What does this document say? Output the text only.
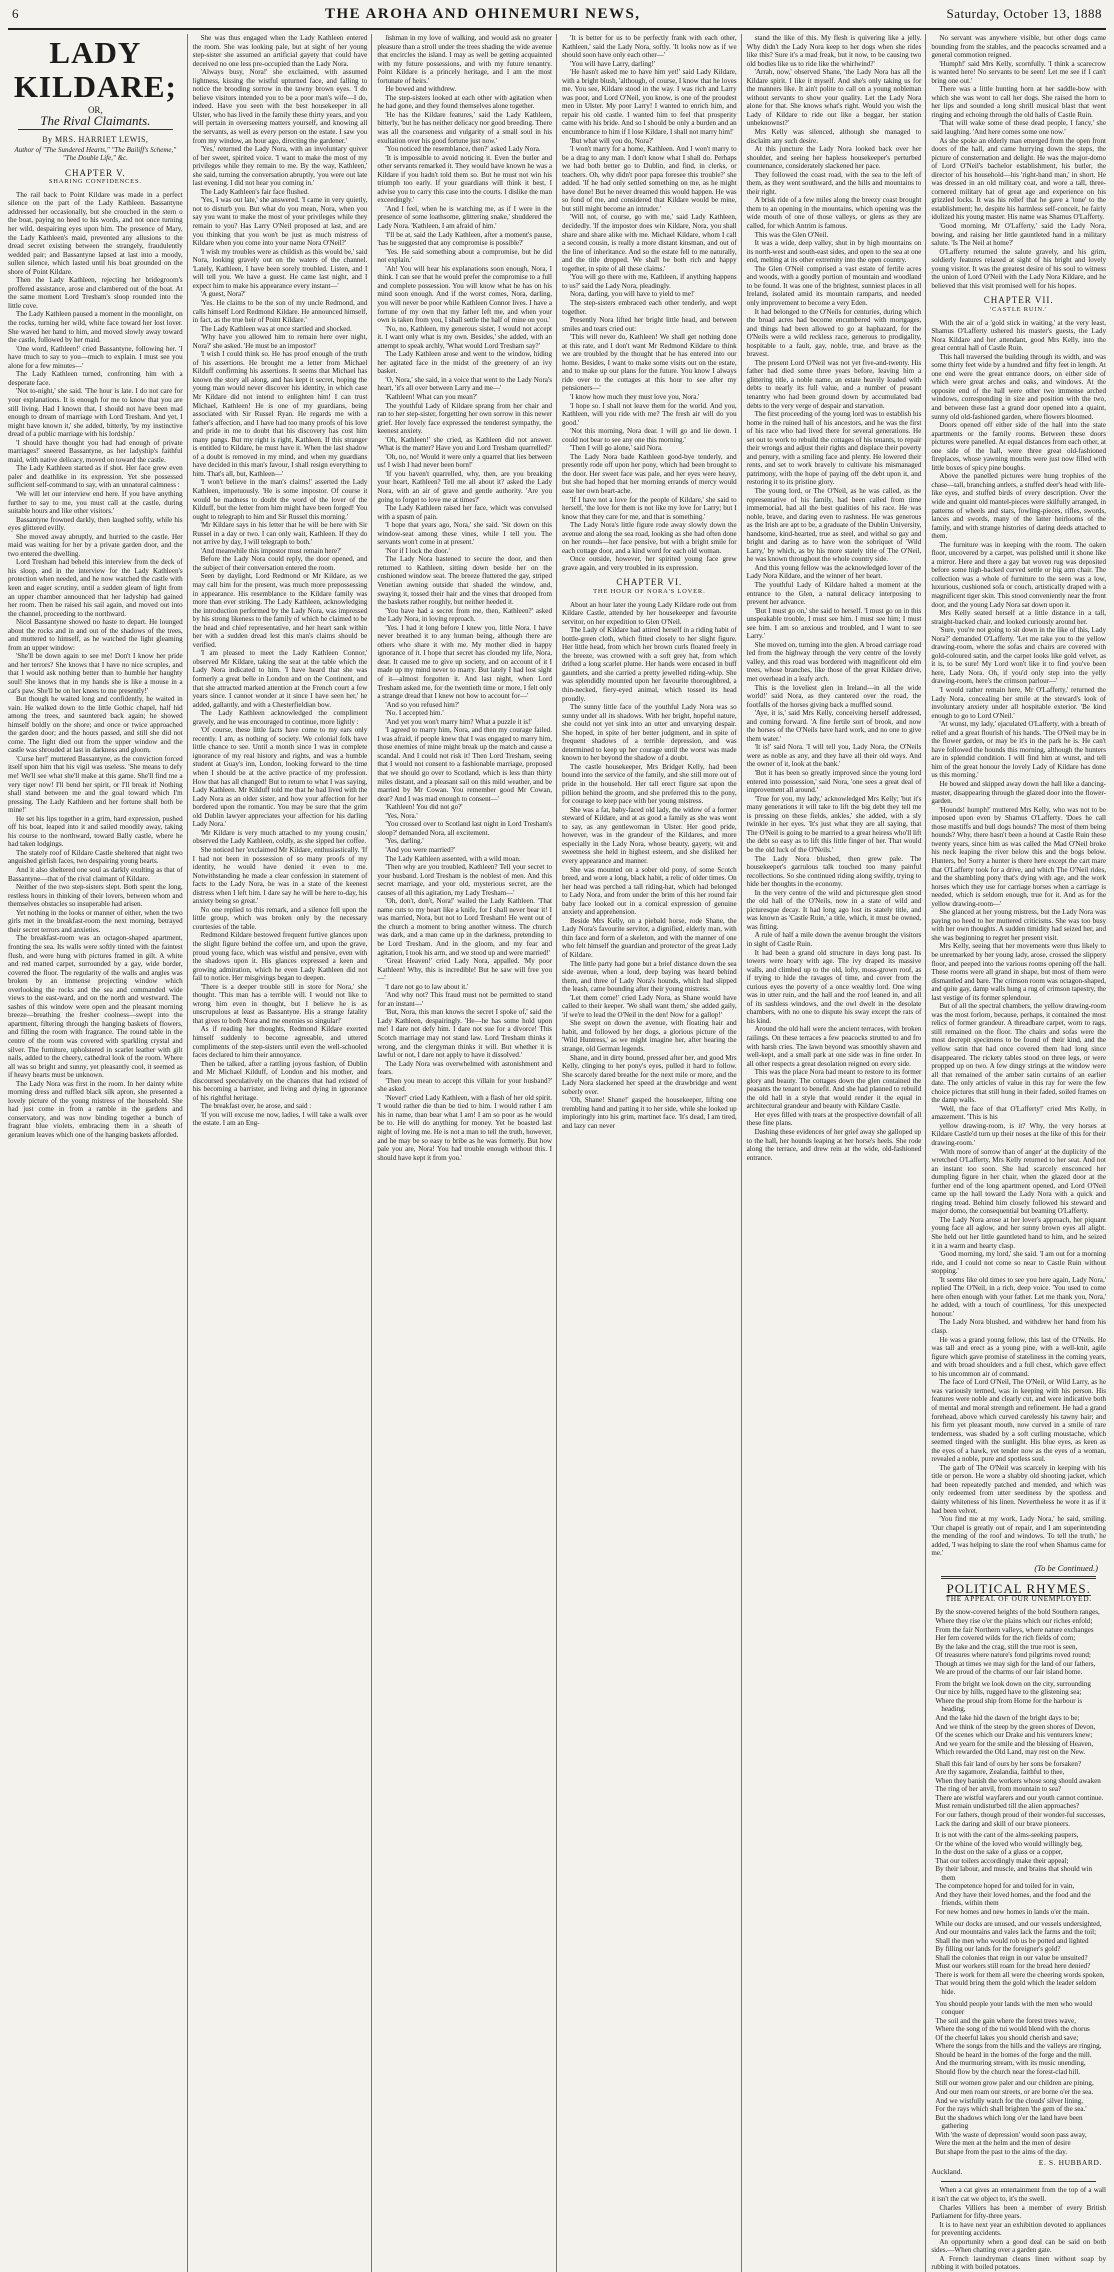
6	THE AROHA AND OHINEMURI NEWS,	Saturday, October 13, 1888
LADY KILDARE;
OR,
The Rival Claimants.
By MRS. HARRIET LEWIS,
Author of "The Sundered Hearts," "The Bailiff's Scheme," "The Double Life," &c.
CHAPTER V.
SHARING CONFIDENCES.

The rail back to Point Kildare was made in a perfect silence on the part of the Lady Kathleen. Bassantyne addressed her occasionally, but she crouched in the stern o the boat, paying no heed to his words, and not once turning her wild, despairing eyes upon him. The presence of Mary, the Lady Kathleen's maid, prevented any allusions to the dread secret existing between the strangely, fraudulently wedded pair; and Bassantyne lapsed at last into a moody, sullen silence, which lasted until his boat grounded on the shore of Point Kildare.

Then the Lady Kathleen, rejecting her bridegroom's proffered assistance, arose and clambered out of the boat. At the same moment Lord Tresham's sloop rounded into the little cove.

The Lady Kathleen paused a moment in the moonlight, on the rocks, turning her wild, white face toward her lost lover. She waved her hand to him, and moved slowly away toward the castle, followed by her maid.

'One word, Kathleen!' cried Bassantyne, following her. 'I have much to say to you—much to explain. I must see you alone for a few minutes—'

The Lady Kathleen turned, confronting him with a desperate face.

'Not to-night,' she said. 'The hour is late. I do not care for your explanations. It is enough for me to know that you are still living. Had I known that, I should not have been mad enough to dream of marriage with Lord Tresham. And yet, I might have known it,' she added, bitterly, 'by my instinctive dread of a public marriage with his lordship.'

'I should have thought you had had enough of private marriages!' sneered Bassantyne, as her ladyship's faithful maid, with native delicacy, moved on toward the castle.

The Lady Kathleen started as if shot. Her face grew even paler and deathlike in its expression. Yet she possessed sufficient self-command to say, with an unnatural calmness :

'We will let our interview end here. If you have anything further to say to me, you must call at the castle, during suitable hours and like other visitors.'

Bassantyne frowned darkly, then laughed softly, while his eyes glittered evilly.

She moved away abruptly, and hurried to the castle. Her maid was waiting for her by a private garden door, and the two entered the dwelling.

Lord Tresham had beheld this interview from the deck of his sloop, and in the interview for the Lady Kathleen's protection when needed, and he now watched the castle with keen and eager scrutiny, until a sudden gleam of light from an upper chamber announced that her ladyship had gained her room. Then he raised his sail again, and moved out into the channel, proceeding to the northward.

Nicol Bassantyne showed no haste to depart. He lounged about the rocks and in and out of the shadows of the trees, and muttered to himself, as he watched the light gleaming from an upper window:

'She'll be down again to see me! Don't I know her pride and her terrors? She knows that I have no nice scruples, and that I would ask nothing better than to humble her haughty soul! She knows that in my hands she is like a mouse in a cat's paw. She'll be on her knees to me presently!'

But though he waited long and confidently, he waited in vain. He walked down to the little Gothic chapel, half hid among the trees, and sauntered back again; he showed himself boldly on the shore; and once or twice approached the garden door; and the hours passed, and still she did not come. The light died out from the upper window and the castle was shrouded at last in darkness and gloom.

'Curse her!' muttered Bassantyne, as the conviction forced itself upon him that his vigil was useless. 'She means to defy me! We'll see what she'll make at this game. She'll find me a very tiger now! I'll bend her spirit, or I'll break it! Nothing shall stand between me and the goal toward which I'm pressing. The Lady Kathleen and her fortune shall both be mine!'

He set his lips together in a grim, hard expression, pushed off his boat, leaped into it and sailed moodily away, taking his course to the northward, toward Bally castle, where he had taken lodgings.

The stately roof of Kildare Castle sheltered that night two anguished girlish faces, two despairing young hearts.

And it also sheltered one soul as darkly exulting as that of Bassantyne—that of the rival claimant of Kildare.

Neither of the two step-sisters slept. Both spent the long, restless hours in thinking of their lovers, between whom and themselves obstacles so insuperable had arisen.

Yet nothing in the looks or manner of either, when the two girls met in the breakfast-room the next morning, betrayed their secret terrors and anxieties.

The breakfast-room was an octagon-shaped apartment, fronting the sea. Its walls were softly tinted with the faintest flush, and were hung with pictures framed in gilt. A white and red matted carpet, surrounded by a gay, wide border, covered the floor. The regularity of the walls and angles was broken by an immense projecting window which overlooking the rocks and the sea and commanded wide views to the east-ward, and on the north and westward. The sashes of this window were open and the pleasant morning breeze—breathing the fresher coolness—swept into the apartment, filtering through the hanging baskets of flowers, and filling the room with fragrance. The round table in the centre of the room was covered with sparkling crystal and silver. The furniture, upholstered in scarlet leather with gilt nails, added to the cheery, cathedral look of the room. Where all was so bright and sunny, yet pleasantly cool, it seemed as if heavy hearts must be unknown.

The Lady Nora was first in the room. In her dainty white morning dress and ruffled black silk apron, she presented a lovely picture of the young mistress of the household. She had just come in from a ramble in the gardens and conservatory, and was now binding together a bunch of fragrant blue violets, embracing them in a sheath of geranium leaves which one of the hanging baskets afforded.

She was thus engaged when the Lady Kathleen entered the room. She was looking pale, but at sight of her young step-sister she assumed an artificial gayety that could have deceived no one less pre-occupied than the Lady Nora.

'Always busy, Nora!' she exclaimed, with assumed lightness, kissing the wistful upturned face, and falling to notice the brooding sorrow in the tawny brown eyes. 'I do believe visitors intended you to be a poor man's wife—I do, indeed. Have you seen with the best housekeeper in all Ulster, who has lived in the family these thirty years, and you will pertain in overseeing matters yourself, and knowing all the servants, as well as every person on the estate. I saw you from my window, an hour ago, directing the gardener.'

'Yes,' returned the Lady Nora, with an involuntary quiver of her sweet, spirited voice. 'I want to make the most of my privileges while they remain to me. By the way, Kathleen,' she said, turning the conversation abruptly, 'you were out late last evening. I did not hear you coming in.'

The Lady Kathleen's fair face flushed.

'Yes, I was out late,' she answered. 'I came in very quietly, not to disturb you. But what do you mean, Nora, when you say you want to make the most of your privileges while they remain to you? Has Larry O'Neil proposed at last, and are you thinking that you won't be just as much mistress of Kildare when you come into your name Nora O'Neil?'

'I wish my troubles were as childish as this would be,' said Nora, looking gravely out on the waters of the channel. 'Lately, Kathleen, I have been sorely troubled. Listen, and I will tell you. We have a guest. He came last night, and I expect him to make his appearance every instant—'

'A guest, Nora?'

'Yes. He claims to be the son of my uncle Redmond, and calls himself Lord Redmond Kildare. He announced himself, in fact, as the true heir of Point Kildare.'

The Lady Kathleen was at once startled and shocked.

'Why have you allowed him to remain here over night, Nora?' she asked. 'He must be an impostor!'

'I wish I could think so. He has proof enough of the truth of his assertions. He brought me a letter from Michael Kilduff confirming his assertions. It seems that Michael has known the story all along, and has kept it secret, hoping the young man would never discover his identity, in which case Mr Kildare did not intend to enlighten him! I can trust Michael, Kathleen! He is one of my guardians, being associated with Sir Russel Ryan. He regards me with a father's affection, and I have had too many proofs of his love and pride in me to doubt that his discovery has cost him many pangs. But my right is right, Kathleen. If this stranger is entitled to Kildare, he must have it. When the last shadow of a doubt is removed in my mind, and when my guardians have decided in this man's favour, I shall resign everything to him. That's all, but, Kathleen—'

'I won't believe in the man's claims!' asserted the Lady Kathleen, impetuously. 'He is some impostor. Of course it would be madness to doubt the word of the lover of the Kilduff, but the letter from him might have been forged! You ought to telegraph to him and Sir Russel this morning.'

'Mr Kildare says in his letter that he will be here with Sir Russel in a day or two. I can only wait, Kathleen. If they do not arrive by day, I will telegraph to both.'

'And meanwhile this impostor must remain here?'

Before the Lady Nora could reply, the door opened, and the subject of their conversation entered the room.

Seen by daylight, Lord Redmond or Mr Kildare, as we may call him for the present, was much more prepossessing in appearance. His resemblance to the Kildare family was more than ever striking. The Lady Kathleen, acknowledging the introduction performed by the Lady Nora, was impressed by his strong likeness to the family of which he claimed to be the head and chief representative, and her heart sank within her with a sudden dread lest this man's claims should be verified.

'I am pleased to meet the Lady Kathleen Connor,' observed Mr Kildare, taking the seat at the table which the Lady Nora indicated to him. 'I have heard that she was formerly a great belle in London and on the Continent, and that she attracted marked attention at the French court a few years since. I cannot wonder at it since I have seen her,' he added, gallantly, and with a Chesterfieldian bow.

The Lady Kathleen acknowledged the compliment gravely, and he was encouraged to continue, more lightly :

'Of course, these little facts have come to my ears only recently. I am, as nothing of society. We colonial folk have little chance to see. Until a month since I was in complete ignorance of my real history and rights, and was a humble student at Guay's inn, London, looking forward to the time when I should be at the active practice of my profession. How that has all changed! But to return to what I was saying, Lady Kathleen. Mr Kilduff told me that he had lived with the Lady Nora as an older sister, and how your affection for her bordered upon the romantic. You may be sure that the grim old Dublin lawyer appreciates your affection for his darling Lady Nora.'

'Mr Kildare is very much attached to my young cousin,' observed the Lady Kathleen, coldly, as she sipped her coffee.

She noticed her 'exclaimed Mr Kildare, enthusiastically. 'If I had not been in possession of so many proofs of my identity, he would have denied it even to me. Notwithstanding he made a clear confession in statement of facts to the Lady Nora, he was in a state of the keenest distress when I left him. I dare say he will be here to-day, his anxiety being so great.'

No one replied to this remark, and a silence fell upon the little group, which was broken only by the necessary courtesies of the table.

Redmond Kildare bestowed frequent furtive glances upon the slight figure behind the coffee urn, and upon the grave, proud young face, which was wistful and pensive, even with the shadows upon it. His glances expressed a keen and growing admiration, which he even Lady Kathleen did not fail to notice. Her misgivings began to deepen.

'There is a deeper trouble still in store for Nora,' she thought. 'This man has a terrible will. I would not like to wrong him even in thought, but I believe he is as unscrupulous at least as Bassantyne. His a strange fatality that gives to both Nora and me enemies so singular!'

As if reading her thoughts, Redmond Kildare exerted himself suddenly to become agreeable, and uttered compliments of the step-sisters until even the well-schooled faces declared to him their annoyance.

Then he talked, after a rattling joyous fashion, of Dublin and Mr Michael Kilduff, of London and his mother, and discoursed speculatively on the chances that had existed of his becoming a barrister, and living and dying in ignorance of his rightful heritage.

The breakfast over, he arose, and said :

'If you will excuse me now, ladies, I will take a walk over the estate. I am an Eng-

lishman in my love of walking, and would ask no greater pleasure than a stroll under the trees shading the wide avenue that encircles the island. I may as well be getting acquainted with my future possessions, and with my future tenantry. Point Kildare is a princely heritage, and I am the most fortunate of heirs.'

He bowed and withdrew.

The step-sisters looked at each other with agitation when he had gone, and they found themselves alone together.

'He has the Kildare features,' said the Lady Kathleen, bitterly, 'but he has neither delicacy nor good breeding. There was all the coarseness and vulgarity of a small soul in his exultation over his good fortune just now.'

'You noticed the resemblance, then?' asked Lady Nora.

'It is impossible to avoid noticing it. Even the butler and other servants remarked it. They would have known he was a Kildare if you hadn't told them so. But he must not win his triumph too early. If your guardians will think it best, I advise you to carry this case into the courts. I dislike the man exceedingly.'

'And I feel, when he is watching me, as if I were in the presence of some loathsome, glittering snake,' shuddered the Lady Nora. 'Kathleen, I am afraid of him.'

'I'll be at, said the Lady Kathleen, after a moment's pause, 'has he suggested that any compromise is possible?'

'Yes. He said something about a compromise, but he did not explain.'

'Ah! You will hear his explanations soon enough, Nora, I think. I can see that he would prefer the compromise to a full and complete possession. You will know what he has on his mind soon enough. And if the worst comes, Nora, darling, you will never be poor while Kathleen Connor lives. I have a fortune of my own that my father left me, and when your own is taken from you, I shall settle the half of mine on you.'

'No, no, Kathleen, my generous sister, I would not accept it. I want only what is my own. Besides,' she added, with an attempt to speak archly, 'What would Lord Tresham say?'

The Lady Kathleen arose and went to the window, hiding her agitated face in the midst of the greenery of an ivy basket.

'O, Nora,' she said, in a voice that went to the Lady Nora's heart, 'it's all over between Larry and me—'

'Kathleen! What can you mean?'

The youthful Lady of Kildare sprang from her chair and ran to her step-sister, forgetting her own sorrow in this newer grief. Her lovely face expressed the tenderest sympathy, the keenest anxiety.

'Oh, Kathleen!' she cried, as Kathleen did not answer. 'What is the matter? Have you and Lord Tresham quarrelled?'

'Oh, no, no! Would it were only a quarrel that lies between us! I wish I had never been born!'

'If you haven't quarrelled, why, then, are you breaking your heart, Kathleen? Tell me all about it? asked the Lady Nora, with an air of grave and gentle authority. 'Are you going to forget to love me at times?'

The Lady Kathleen raised her face, which was convulsed with a spasm of pain.

'I hope that years ago, Nora,' she said. 'Sit down on this window-seat among these vines, while I tell you. The servants won't come in at present.'

'Nor if I lock the door.'

The Lady Nora hastened to secure the door, and then returned to Kathleen, sitting down beside her on the cushioned window seat. The breeze fluttered the gay, striped Venetian awning outside that shaded the window, and, swaying it, tossed their hair and the vines that drooped from the baskets rather roughly, but neither heeded it.

'You have had a secret from me, then, Kathleen?' asked the Lady Nora, in loving reproach.

'Yes. I had it long before I knew you, little Nora. I have never breathed it to any human being, although there are others who share it with me. My mother died in happy ignorance of it. I hope that secret has clouded my life, Nora, dear. It caused me to give up society, and on account of it I made up my mind never to marry. But lately I had lost sight of it—almost forgotten it. And last night, when Lord Tresham asked me, for the twentieth time or more, I felt only a strange dread that I knew not how to account for—'

'And so you refused him?'

'No. I accepted him.'

'And yet you won't marry him? What a puzzle it is!'

'I agreed to marry him, Nora, and then my courage failed. I was afraid, if people knew that I was engaged to marry him, those enemies of mine might break up the match and cause a scandal. And I could not risk it! Then Lord Tresham, seeing that I would not consent to a fashionable marriage, proposed that we should go over to Scotland, which is less than thirty miles distant, and a pleasant sail on this mild weather, and be married by Mr Cowan. You remember good Mr Cowan, dear? And I was mad enough to consent—'

'Kathleen! You did not go?'

'Yes, Nora.'

'You crossed over to Scotland last night in Lord Tresham's sloop?' demanded Nora, all excitement.

'Yes, darling.'

'And you were married?'

The Lady Kathleen assented, with a wild moan.

'Then why are you troubled, Kathleen? Tell your secret to your husband. Lord Tresham is the noblest of men. And this secret marriage, and your old, mysterious secret, are the causes of all this agitation, my Lady Tresham—'

'Oh, don't, don't, Nora!' wailed the Lady Kathleen. 'That name cuts to my heart like a knife, for I shall never bear it! I was married, Nora, but not to Lord Tresham! He went out of the church a moment to bring another witness. The church was dark, and a man came up in the darkness, pretending to be Lord Tresham. And in the gloom, and my fear and agitation, I took his arm, and we stood up and were married!'

'Great Heaven!' cried Lady Nora, appalled. 'My poor Kathleen! Why, this is incredible! But he saw will free you—'

'I dare not go to law about it.'

'And why not? This fraud must not be permitted to stand for an instant—'

'But, Nora, this man knows the secret I spoke of,' said the Lady Kathleen, despairingly. 'He—he has some hold upon me! I dare not defy him. I dare not sue for a divorce! This Scotch marriage may not stand law. Lord Tresham thinks it wrong, and the clergyman thinks it will. But whether it is lawful or not, I dare not apply to have it dissolved.'

The Lady Nora was overwhelmed with astonishment and fears.

'Then you mean to accept this villain for your husband?' she asked.

'Never!' cried Lady Kathleen, with a flash of her old spirit. 'I would rather die than be tied to him. I would rather I am his in name, than bear what I am! I am so poor as he would be to. He will do anything for money. Yet he boasted last night of loving me. He is not a man to tell the truth, however, and he may be so easy to bribe as he was formerly. But how pale you are, Nora! You had trouble enough without this. I should have kept it from you.'

'It is better for us to be perfectly frank with each other, Kathleen,' said the Lady Nora, softly. 'It looks now as if we should soon have only each other—'

'You will have Larry, darling!'

'He hasn't asked me to have him yet!' said Lady Kildare, with a bright blush, 'although, of course, I know that he loves me. You see, Kildare stood in the way. I was rich and Larry was poor, and Lord O'Neil, you know, is one of the proudest men in Ulster. My poor Larry! I wanted to enrich him, and repair his old castle. I wanted him to feel that prosperity came with his bride. And so I should be only a burden and an encumbrance to him if I lose Kildare, I shall not marry him!'

'But what will you do, Nora?'

'I won't marry for a home, Kathleen. And I won't marry to be a drag to any man. I don't know what I shall do. Perhaps we had both better go to Dublin, and find, in clerks, or teachers. Oh, why didn't poor papa foresee this trouble?' she added. 'If he had only settled something on me, as he might have done! But he never dreamed this would happen. He was so fond of me, and considered that Kildare would be mine, but still might become an intruder.'

'Will not, of course, go with me,' said Lady Kathleen, decidedly. 'If the impostor does win Kildare, Nora, you shall share and share alike with me. Michael Kildare, whom I call a second cousin, is really a more distant kinsman, and out of the line of inheritance. And so the estate fell to me naturally, and the title dropped. We shall be both rich and happy together, in spite of all these claims.'

'You will go there with me, Kathleen, if anything happens to us?' said the Lady Nora, pleadingly.

Nora, darling, you will have to yield to me!'

The step-sisters embraced each other tenderly, and wept together.

Presently Nora lifted her bright little head, and between smiles and tears cried out:

'This will never do, Kathleen! We shall get nothing done at this rate, and I don't want Mr Redmond Kildare to think we are troubled by the thought that he has entered into our home. Besides, I want to make some visits out on the estate, and to make up our plans for the future. You know I always ride over to the cottages at this hour to see after my pensioners—'

'I know how much they must love you, Nora.'

'I hope so. I shall not leave them for the world. And you, Kathleen, will you ride with me? The fresh air will do you good.'

'Not this morning, Nora dear. I will go and lie down. I could not bear to see any one this morning.'

'Then I will go alone,' said Nora.

The Lady Nora bade Kathleen good-bye tenderly, and presently rode off upon her pony, which had been brought to the door. Her sweet face was pale, and her eyes were heavy, but she had hoped that her morning errands of mercy would ease her own heart-ache.

'If I have not a love for the people of Kildare,' she said to herself, 'the love for them is not like my love for Larry; but I know that they care for me, and that is something.'

The Lady Nora's little figure rode away slowly down the avenue and along the sea road, looking as she had often done on her rounds—her face pensive, but with a bright smile for each cottage door, and a kind word for each old woman.

Once outside, however, her spirited young face grew grave again, and very troubled in its expression.

CHAPTER VI.
THE HOUR OF NORA'S LOVER.

About an hour later the young Lady Kildare rode out from Kildare Castle, attended by her housekeeper and favourite servitor, on her expedition to Glen O'Neil.

The Lady of Kildare had attired herself in a riding habit of bottle-green cloth, which fitted closely to her slight figure. Her little head, from which her brown curls floated freely in the breeze, was crowned with a soft grey hat, from which drifted a long scarlet plume. Her hands were encased in buff gauntlets, and she carried a pretty jewelled riding-whip. She was splendidly mounted upon her favourite thoroughbred, a thin-necked, fiery-eyed animal, which tossed its head proudly.

The sunny little face of the youthful Lady Nora was so sunny under all its shadows. With her bright, hopeful nature, she could not yet sink into an utter and unvarying despair. She hoped, in spite of her better judgment, and in spite of frequent shadows of a terrible depression, and was determined to keep up her courage until the worst was made known to her beyond the shadow of a doubt.

The castle housekeeper, Mrs Bridget Kelly, had been bound into the service of the family, and she still more out of pride in the household. Her tall erect figure sat upon the pillion behind the groom, and she preferred this to the pony, for courage to keep pace with her young mistress.

She was a fat, baby-faced old lady, the widow of a former steward of Kildare, and at as good a family as she was wont to say, as any gentlewoman in Ulster. Her good pride, however, was in the grandeur of the Kildares, and more especially in the Lady Nora, whose beauty, gayety, wit and sweetness she held in highest esteem, and she disliked her every appearance and manner.

She was mounted on a sober old pony, of some Scotch breed, and wore a long, black habit, a relic of older times. On her head was perched a tall riding-hat, which had belonged to Lady Nora, and from under the brim of this her round fair baby face looked out in a comical expression of genuine anxiety and apprehension.

Beside Mrs Kelly, on a piebald horse, rode Shane, the Lady Nora's favourite servitor, a dignified, elderly man, with thin face and form of a skeleton, and with the manner of one who felt himself the guardian and protector of the great Lady of Kildare.

The little party had gone but a brief distance down the sea side avenue, when a loud, deep baying was heard behind them, and three of Lady Nora's hounds, which had slipped the leash, came bounding after their young mistress.

'Let them come!' cried Lady Nora, as Shane would have called to their keeper. 'We shall want them,' she added gaily, 'if we're to lead the O'Neil in the den! Now for a gallop!'

She swept on down the avenue, with floating hair and habit, and followed by her dogs, a glorious picture of the 'Wild Huntress,' as we might imagine her, after hearing the strange, old German legends.

Shane, and in dirty bound, pressed after her, and good Mrs Kelly, clinging to her pony's eyes, pulled it hard to follow. She scarcely dared breathe for the next mile or more, and the Lady Nora slackened her speed at the drawbridge and went soberly over.

'Oh, Shane! Shane!' gasped the housekeeper, lifting one trembling hand and patting it to her side, while she looked up imploringly into his grim, martinet face. 'It's dead, I am tired, and lazy can never

stand the like of this. My flesh is quivering like a jelly. Why didn't the Lady Nora keep to her dogs when she rides like this? Sure it's a mad freak, but it now, to be causing two old bodies like us to ride like the whirlwind?'

'Arrah, now,' observed Shane, 'the Lady Nora has all the Kildare spirit. I like it myself. And she's only taking us for the manners like. It ain't polite to call on a young nobleman without servants to show your quality. Let the Lady Nora alone for that. She knows what's right. Would you wish the Lady of Kildare to ride out like a beggar, her station unbeknownst?'

Mrs Kelly was silenced, although she managed to disclaim any such desire.

At this juncture the Lady Nora looked back over her shoulder, and seeing her hapless housekeeper's perturbed countenance, considerately slackened her pace.

They followed the coast road, with the sea to the left of them, as they went southward, and the hills and mountains to their right.

A brisk ride of a few miles along the breezy coast brought them to an opening in the mountains, which opening was the wide mouth of one of those valleys, or glens as they are called, for which Antrim is famous.

This was the Glen O'Neil.

It was a wide, deep valley, shut in by high mountains on its north-west and south-east sides, and open to the sea at one end, melting at its other extremity into the open country.

The Glen O'Neil comprised a vast estate of fertile acres and woods, with a goodly portion of mountain and woodland to be found. It was one of the brightest, sunniest places in all Ireland, isolated amid its mountain ramparts, and needed only improvement to become a very Eden.

It had belonged to the O'Neils for centuries, during which the broad acres had become encumbered with mortgages, and things had been allowed to go at haphazard, for the O'Neils were a wild reckless race, generous to prodigality, hospitable to a fault, gay, noble, true, and brave as the bravest.

The present Lord O'Neil was not yet five-and-twenty. His father had died some three years before, leaving him a glittering title, a noble name, an estate heavily loaded with debts to nearly its full value, and a number of peasant tenantry who had been ground down by accumulated bad debts to the very verge of despair and starvation.

The first proceeding of the young lord was to establish his home in the ruined hall of his ancestors, and he was the first of his race who had lived there for several generations. He set out to work to rebuild the cottages of his tenants, to repair their wrongs and adjust their rights and displace their poverty and penury, with a smiling face and plenty. He lowered their rents, and set to work bravely to cultivate his mismanaged patrimony, with the hope of paying off the debt upon it, and restoring it to its pristine glory.

The young lord, or The O'Neil, as he was called, as the representative of his family, had been called from time immemorial, had all the best qualities of his race. He was noble, brave, and daring even to rashness. He was generous as the Irish are apt to be, a graduate of the Dublin University, handsome, kind-hearted, true as steel, and withal so gay and bright and daring as to have won the sobriquet of 'Wild Larry,' by which, as by his more stately title of The O'Neil, he was known throughout the whole country side.

And this young fellow was the acknowledged lover of the Lady Nora Kildare, and the winner of her heart.

The youthful Lady of Kildare halted a moment at the entrance to the Glen, a natural delicacy interposing to prevent her advance.

'But I must go on,' she said to herself. 'I must go on in this unspeakable trouble, I must see him. I must see him; I must see him. I am so anxious and troubled, and I want to see Larry.'

She moved on, turning into the glen. A broad carriage road led from the highway through the very centre of the lovely valley, and this road was bordered with magnificent old elm trees, whose branches, like those of the great Kildare drive, met overhead in a leafy arch.

This is the loveliest glen in Ireland—in all the wide world!' said Nora, as they cantered over the road, the footfalls of the horses giving back a muffled sound.

'Aye, it is,' said Mrs Kelly, conceiving herself addressed, and coming forward. 'A fine fertile sort of brook, and now the horses of the O'Neils have hard work, and no one to give them water.'

'It is!' said Nora. 'I will tell you, Lady Nora, the O'Neils were as noble as any, and they have all their old ways. And the owner of it, look at the bank.'

'But it has been so greatly improved since the young lord entered into possession,' said Nora, 'one sees a great deal of improvement all around.'

'True for you, my lady,' acknowledged Mrs Kelly; 'but it's many generations it will take to lift the big debt they tell me is pressing on these fields, ankles,' she added, with a sly twinkle in her eyes. 'It's just what they are all saying, that The O'Neil is going to be married to a great heiress who'll lift the debt so easy as to lift this little finger of her. That would be the old luck of the O'Neils.'

The Lady Nora blushed, then grew pale. The housekeeper's garrulous talk touched too many painful recollections. So she continued riding along swiftly, trying to hide her thoughts in the economy.

In the very centre of the wild and picturesque glen stood the old hall of the O'Neils, now in a state of wild and picturesque decay. It had long ago lost its stately title, and was known as 'Castle Ruin,' a title, which, it must be owned, was fitting.

A rule of half a mile down the avenue brought the visitors in sight of Castle Ruin.

It had been a grand old structure in days long past. Its towers were hoary with age. The ivy draped its massive walls, and climbed up to the old, lofty, moss-grown roof, as if trying to hide the ravages of time, and cover from the curious eyes the poverty of a once wealthy lord. One wing was in utter ruin, and the hall and the roof leaned in, and all of its sashless windows, and the owl dwelt in the desolate chambers, with no one to dispute his sway except the rats of his kind.

Around the old hall were the ancient terraces, with broken railings. On these terraces a few peacocks strutted to and fro with harsh cries. The lawn beyond was smoothly shaven and well-kept, and a small park at one side was in fine order. In all other respects a great desolation reigned on every side.

This was the place Nora had meant to restore to its former glory and beauty. The cottages down the glen contained the peasants the tenant to benefit. And she had planned to rebuild the old hall in a style that would render it the equal in architectural grandeur and beauty with Kildare Castle.

Her eyes filled with tears at the prospective downfall of all these fine plans.

Dashing these evidences of her grief away she galloped up to the hall, her hounds leaping at her horse's heels. She rode along the terrace, and drew rein at the wide, old-fashioned entrance.

No servant was anywhere visible, but other dogs came bounding from the stables, and the peacocks screamed and a general commotion reigned.

'Humph!' said Mrs Kelly, scornfully. 'I think a scarecrow is wanted here! No servants to be seen! Let me see if I can't bring one out.'

There was a little hunting horn at her saddle-bow with which she was wont to call her dogs. She raised the horn to her lips and sounded a long shrill musical blast that went ringing and echoing through the old halls of Castle Ruin.

'That will wake some of these dead people, I fancy,' she said laughing. 'And here comes some one now.'

As she spoke an elderly man emerged from the open front doors of the hall, and came hurrying down the steps, the picture of consternation and delight. He was the major-domo of Lord O'Neil's bachelor establishment, his butler, the director of his household—his 'right-hand man,' in short. He was dressed in an old military coat, and wore a tall, three-cornered military hat of great age and experience on his grizzled locks. It was his relief that he gave a 'tone' to the establishment; he, despite his harmless self-conceit, he fairly idolized his young master. His name was Shamus O'Lafferty.

'Good morning, Mr O'Lafferty,' said the Lady Nora, bowing, and raising her little gauntleted hand in a military salute. 'Is The Neil at home?'

O'Lafferty returned the salute gravely, and his grim, soldierly features relaxed at sight of his bright and lovely young visitor. It was the greatest desire of his soul to witness the union of Lord O'Neil with the Lady Nora Kildare, and he believed that this visit promised well for his hopes.

CHAPTER VII.
'CASTLE RUIN.'

With the air of a 'gold stick in waiting,' at the very least, Shamus O'Lafferty ushered his master's guests, the Lady Nora Kildare and her attendant, good Mrs Kelly, into the great central hall of Castle Ruin.

This hall traversed the building through its width, and was some thirty feet wide by a hundred and fifty feet in length. At one end were the great entrance doors, on either side of which were great arches and oaks, and windows. At the opposite end of the hall were other two immense arched windows, corresponding in size and position with the two, and between these last a grand door opened into a quaint, sunny old old-fashioned garden, where flowers bloomed.

Doors opened off either side of the hall into the state apartments or the family rooms. Between these doors pictures were panelled. At equal distances from each other, at one side of the hall, were three great old-fashioned fireplaces, whose yawning mouths were just now filled with little boxes of spicy pine boughs.

Above the panelled pictures were hung trophies of the chase—tall, branching antlers, a stuffed deer's head with life-like eyes, and stuffed birds of every description. Over the wide and quaint old mantel-pieces were skilfully arranged, in patterns of wheels and stars, fowling-pieces, rifles, swords, lances and swords, many of the latter heirlooms of the family, and with strange histories of daring deeds attached to them.

The furniture was in keeping with the room. The oaken floor, uncovered by a carpet, was polished until it shone like a mirror. Here and there a gay bat woven rug was deposited before some high-backed curved settle or big arm chair. The collection was a whole of furniture to the seen was a low, luxurious, cushioned sofa or couch, artistically draped with a magnificent tiger skin. This stood conveniently near the front door, and the young Lady Nora sat down upon it.

Mrs Kelly seated herself at a little distance in a tall, straight-backed chair, and looked curiously around her.

'Sure, you're not going to sit down in the like of this, Lady Nora?' demanded O'Lafferty. 'Let me take you to the yellow drawing-room, where the sofas and chairs are covered with gold-coloured satin, and the carpet looks like gold velvet, as it is, to be sure! My Lord won't like it to find you've been here, Lady Nora. Oh, if you'd only step into the yelly drawing-room, here's the crimson parlour—'

'I would rather remain here, Mr O'Lafferty,' returned the Lady Nora, concealing her smile at the steward's look of involuntary anxiety under all hospitable exterior. 'Be kind enough to go to Lord O'Neil.'

'At wunst, my lady,' ejaculated O'Lafferty, with a breath of relief and a great flourish of his hands. 'The O'Neil may be in the flower garden, or may be it's in the park he is. He can't have followed the hounds this morning, although the hunters are in splendid condition. I will find him at wunst, and tell him of the great honour the lovely Lady of Kildare has done us this morning.'

He bowed and skipped away down the hall like a dancing-master, disappearing through the glazed door into the flower-garden.

'Hounds! humph!' muttered Mrs Kelly, who was not to be imposed upon even by Shamus O'Lafferty. 'Does he call those mastiffs and bull dogs hounds? The most of them being hounds? Why, there hasn't been a hound at Castle Ruin these twenty years, since him as was called the Mad O'Neil broke his neck leaping the river below this and the bogs below. Hunters, bo! Sorry a hunter is there here except the cart mare that O'Lafferty took for a drive, and which The O'Neil rides, and the shambling pony that's dying with age, and the work horses which they use for carriage horses when a carriage is needed, which is seldom enough, true for it. And as for the yellow drawing-room—'

She glanced at her young mistress, but the Lady Nora was paying no heed to her muttered criticisms. She was too busy with her own thoughts. A sudden timidity had seized her, and she was beginning to regret her present visit.

Mrs Kelly, seeing that her movements were thus likely to be unremarked by her young lady, arose, crossed the slippery floor, and peeped into the various rooms opening off the hall. These rooms were all grand in shape, but most of them were dismantled and bare. The crimson room was octagon-shaped, and quite gay, damp walls hung a rug of crimson tapestry, the last vestige of its former splendour.

But of all the spectral chambers, the yellow drawing-room was the most forlorn, because, perhaps, it contained the most relics of former grandeur. A threadbare carpet, worn to rags, still remained on the floor. The chairs and sofas were the most decrepit specimens to be found of their kind, and the yellow satin that had once covered them had long since disappeared. The rickety tables stood on three legs, or were propped up on two. A few dingy strings at the window were all that remained of the amber satin curtains of an earlier date. The only articles of value in this ray for were the few choice pictures that still hung in their faded, soiled frames on the damp walls.

'Well, the face of that O'Lafferty!' cried Mrs Kelly, in amazement. 'This is his

yellow drawing-room, is it? Why, the very horses at Kildare Castle'd turn up their noses at the like of this for their drawing-room.'

'With more of sorrow than of anger' at the duplicity of the wretched O'Lafferty, Mrs Kelly returned to her seat. And not an instant too soon. She had scarcely ensconced her dumpling figure in her chair, when the glazed door at the further end of the long apartment opened, and Lord O'Neil came up the hall toward the Lady Nora with a quick and ringing tread. Behind him closely followed his steward and major domo, the consequential but beaming O'Lafferty.

The Lady Nora arose at her lover's approach, her piquant young face all aglow, and her sunny brown eyes all alight. She held out her little gauntleted hand to him, and he seized it in a warm and hearty clasp.

'Good morning, my lord,' she said. 'I am out for a morning ride, and I could not come so near to Castle Ruin without stopping.'

'It seems like old times to see you here again, Lady Nora,' replied The O'Neil, in a rich, deep voice. 'You used to come here often enough with your father. Let me thank you, Nora,' he added, with a touch of courtliness, 'for this unexpected honour.'

The Lady Nora blushed, and withdrew her hand from his clasp.

He was a grand young fellow, this last of the O'Neils. He was tall and erect as a young pine, with a well-knit, agile figure which gave promise of stateliness in the coming years, and with broad shoulders and a full chest, which gave effect to his uncommon air of command.

The face of Lord O'Neil, The O'Neil, or Wild Larry, as he was variously termed, was in keeping with his person. His features were noble and clearly cut, and were indicative both of mental and moral strength and refinement. He had a grand forehead, above which curved carelessly his tawny hair; and his firm yet pleasant mouth, now curved in a smile of rare tenderness, was shaded by a soft curling moustache, which seemed tinged with the sunlight. His blue eyes, as keen as the eyes of a hawk, yet tender now as the eyes of a woman, revealed a noble, pure and spotless soul.

The garb of The O'Neil was scarcely in keeping with his title or person. He wore a shabby old shooting jacket, which had been repeatedly patched and mended, and which was only redeemed from utter seediness by the spotless and dainty whiteness of his linen. Nevertheless he wore it as if it had been velvet.

'You find me at my work, Lady Nora,' he said, smiling. 'Our chapel is greatly out of repair, and I am superintending the mending of the roof and windows. To tell the truth,' he added, 'I was helping to slate the roof when Shamus came for me.'

(To be Continued.)
POLITICAL RHYMES.
THE APPEAL OF OUR UNEMPLOYED.
By the snow-covered heights of the bold Southern ranges,
Where they rise o'er the plains which our riches enfold;
From the fair Northern valleys, where nature exchanges
Her fern covered wilds for the rich fields of corn;
By the lake and the crag, still the true root is seen,
Of treasures where nature's fond pilgrims roved round;
Though at times we may sigh for the land of our fathers,
We are proud of the charms of our fair island home.
From the bright we look down on the city, surrounding
Our nice by hills, rugged have to the glistening sea;
Where the proud ship from Home for the harbour is heading,
And the lake hid the dawn of the bright days to be;
And we think of the steep by the green shores of Devon,
Of the scenes which our Drake and his venturers knew;
And we yearn for the smile and the blessing of Heaven,
Which rewarded the Old Land, may rest on the New.
Shall this fair land of ours by her sons be forsaken?
Are thy sagamore, Zealandia, faithful to thee,
When they banish the workers whose song should awaken
The ring of her anvil, from mountain to sea?
There are wistful wayfarers and our youth cannot continue.
Must remain undisturbed till the alien approaches?
For our fathers, though proud of their wonder-ful successes,
Lack the daring and skill of our brave pioneers.
It is not with the cant of the alms-seeking paupers,
Or the whine of the loved who would willingly beg,
In the dust on the sake of a glass or a copper,
That our toilers accordingly make their appeal;
By their labour, and muscle, and brains that should win them
The competence hoped for and toiled for in vain,
And they have their loved homes, and the food and the friends, within them
For new homes and new homes in lands o'er the main.
While our docks are unused, and our vessels undersighted,
And our mountains and vales lack the farms and the toil;
Shall the men who would rob us be potted and lighted
By filling our lands for the foreigner's gold?
Shall the colonies that reign in our value be unsuited?
Must our workers still roam for the bread here denied?
There is work for them all were the cheering words spoken,
That would bring them the gold which the leader seldom hide.
You should people your lands with the men who would conquer
The soil and the gain where the forest trees wave,
Where the song of the tui would blend with the chorus
Of the cheerful lakes you should cherish and save;
Where the songs from the hills and the valleys are ringing,
Should be heard in the homes of the forge and the mill.
And the murmuring stream, with its music unending,
Should flow by the church near the forest-clad hill.
Still our women grow paler and our children are pining,
And our men roam our streets, or are borne o'er the sea.
And we wistfully watch for the clouds' silver lining,
For the rays which shall brighten 'the gem of the sea.'
But the shadows which long o'er the land have been gathering
With 'the waste of depression' would soon pass away,
Were the men at the helm and the men of desire
But shape from the past to the aims of the day.
E. S. HUBBARD.
Auckland.

When a cat gives an entertainment from the top of a wall it isn't the cat we object to, it's the swell.

Charles Villiers has been a member of every British Parliament for fifty-three years.

It is to have next year an exhibition devoted to appliances for preventing accidents.

An opportunity when a good deal can be said on both sides.—When chatting over a garden gate.

A French laundryman cleans linen without soap by rubbing it with boiled potatoes.
